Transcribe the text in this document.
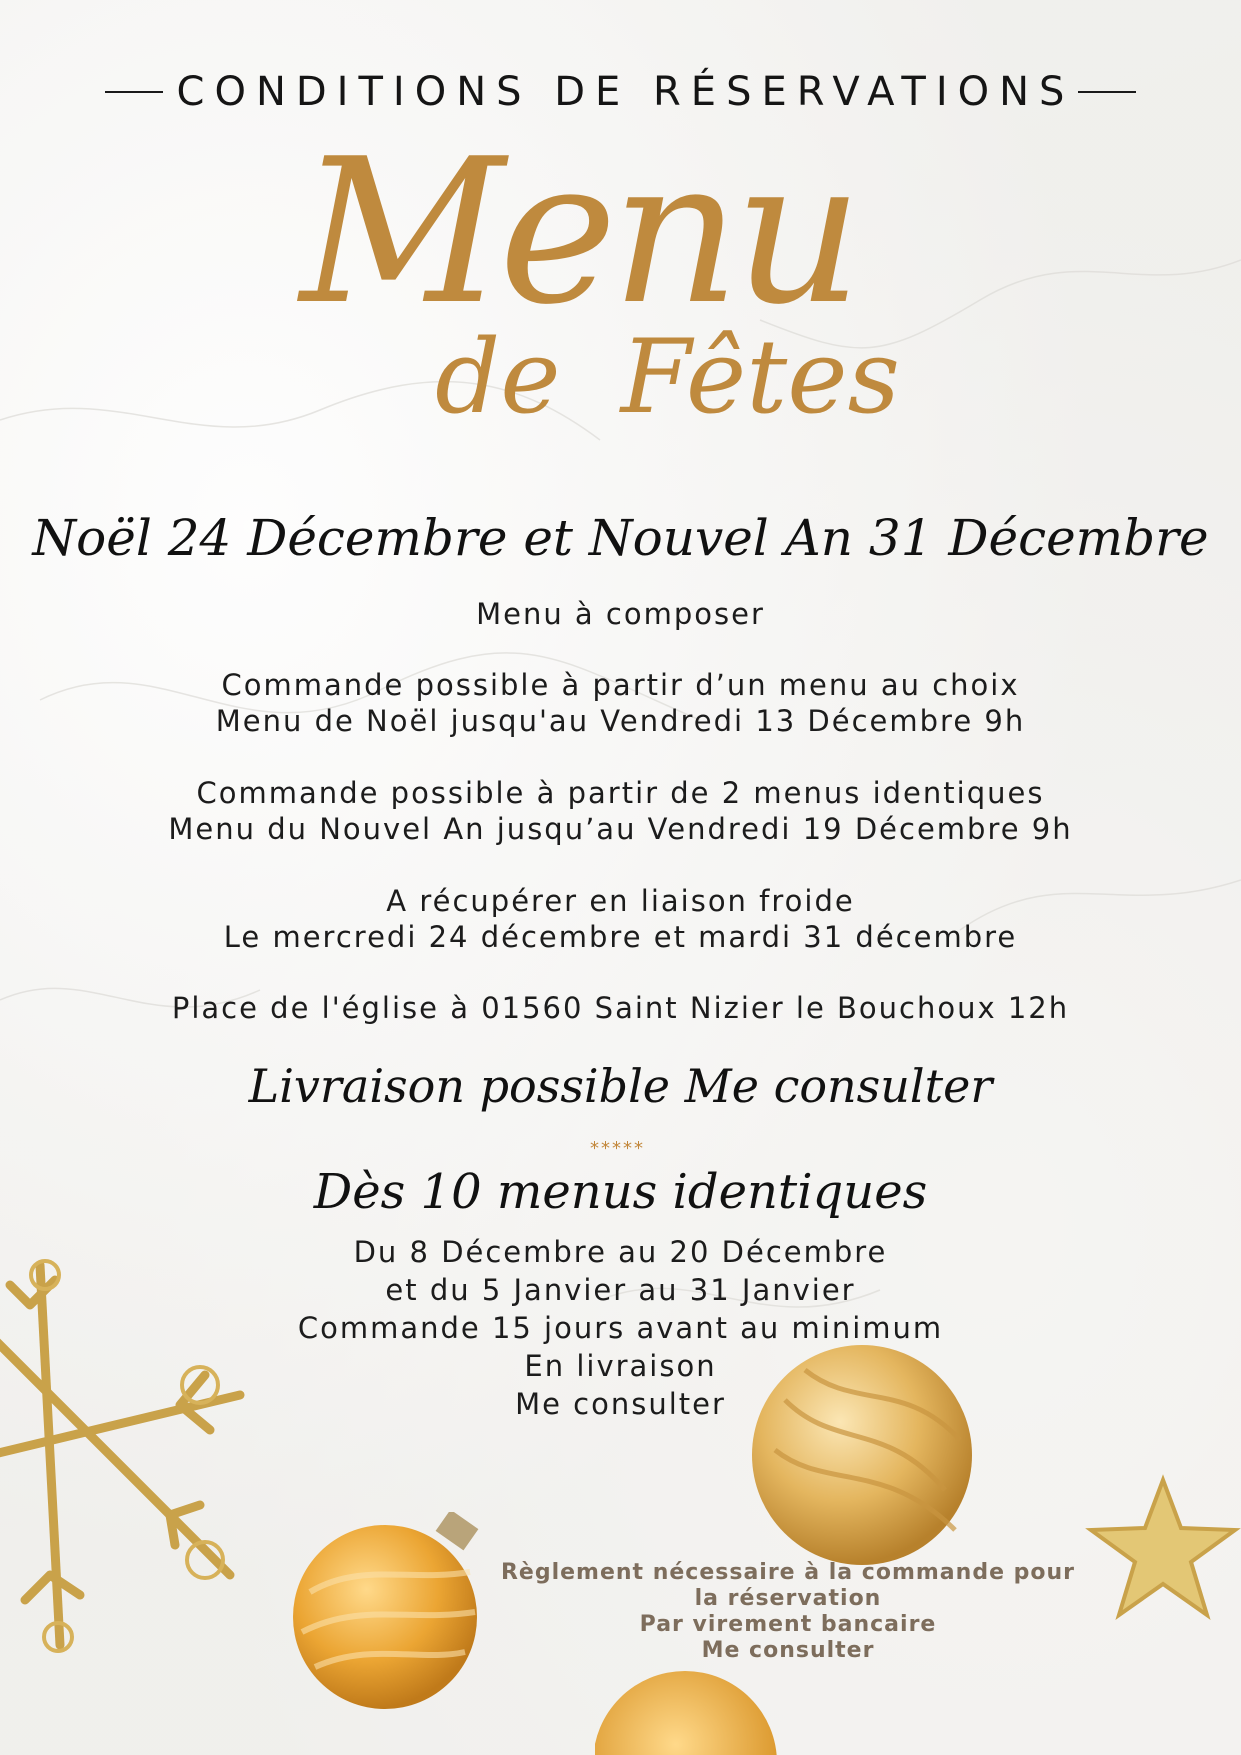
CONDITIONS DE RÉSERVATIONS
Menu
de Fêtes
Noël 24 Décembre et Nouvel An 31 Décembre
Menu à composer
Commande possible à partir d’un menu au choix
Menu de Noël jusqu'au Vendredi 13 Décembre 9h
Commande possible à partir de 2 menus identiques
Menu du Nouvel An jusqu’au Vendredi 19 Décembre 9h
A récupérer en liaison froide
Le mercredi 24 décembre et mardi 31 décembre
Place de l'église à 01560 Saint Nizier le Bouchoux 12h
Livraison possible Me consulter
*****
Dès 10 menus identiques
Du 8 Décembre au 20 Décembre
et du 5 Janvier au 31 Janvier
Commande 15 jours avant au minimum
En livraison
Me consulter
Règlement nécessaire à la commande pour
la réservation
Par virement bancaire
Me consulter
